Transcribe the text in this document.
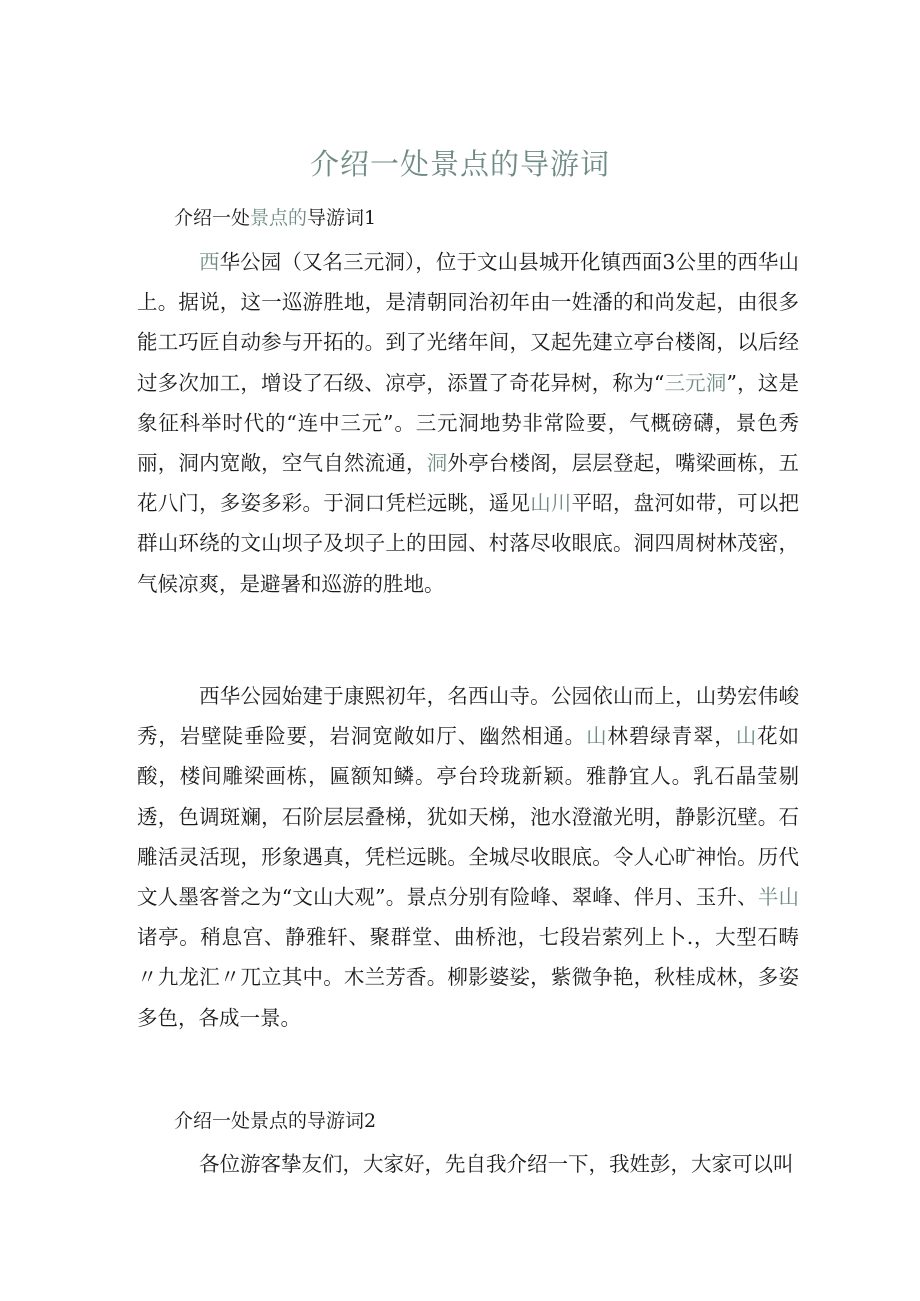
介绍一处景点的导游词
介绍一处景点的导游词1

西华公园（又名三元洞），位于文山县城开化镇西面3公里的西华山上。据说，这一巡游胜地，是清朝同治初年由一姓潘的和尚发起，由很多能工巧匠自动参与开拓的。到了光绪年间，又起先建立亭台楼阁，以后经过多次加工，增设了石级、凉亭，添置了奇花异树，称为“三元洞”，这是象征科举时代的“连中三元”。三元洞地势非常险要，气概磅礴，景色秀丽，洞内宽敞，空气自然流通，洞外亭台楼阁，层层登起，嘴梁画栋，五花八门，多姿多彩。于洞口凭栏远眺，遥见山川平昭，盘河如带，可以把群山环绕的文山坝子及坝子上的田园、村落尽收眼底。洞四周树林茂密，气候凉爽，是避暑和巡游的胜地。

西华公园始建于康熙初年，名西山寺。公园依山而上，山势宏伟峻秀，岩壁陡垂险要，岩洞宽敞如厅、幽然相通。山林碧绿青翠，山花如酸，楼间雕梁画栋，匾额知鳞。亭台玲珑新颖。雅静宜人。乳石晶莹剔透，色调斑斓，石阶层层叠梯，犹如天梯，池水澄澈光明，静影沉壁。石雕活灵活现，形象遇真，凭栏远眺。全城尽收眼底。令人心旷神怡。历代文人墨客誉之为“文山大观”。景点分别有险峰、翠峰、伴月、玉升、半山诸亭。稍息宫、静雅轩、聚群堂、曲桥池，七段岩萦列上卜.，大型石畴〃九龙汇〃兀立其中。木兰芳香。柳影婆娑，紫微争艳，秋桂成林，多姿多色，各成一景。

介绍一处景点的导游词2

各位游客挚友们，大家好，先自我介绍一下，我姓彭，大家可以叫
